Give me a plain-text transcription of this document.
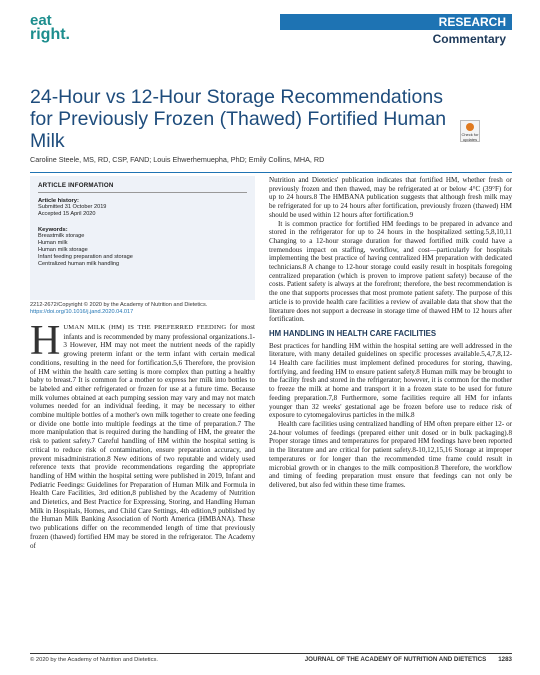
eat
right.
RESEARCH
Commentary
24-Hour vs 12-Hour Storage Recommendations for Previously Frozen (Thawed) Fortified Human Milk	Check for updates
Caroline Steele, MS, RD, CSP, FAND; Louis Ehwerhemuepha, PhD; Emily Collins, MHA, RD
ARTICLE INFORMATION
Article history:
Submitted 31 October 2019
Accepted 15 April 2020
Keywords:
Breastmilk storage
Human milk
Human milk storage
Infant feeding preparation and storage
Centralized human milk handling
2212-2672/Copyright © 2020 by the Academy of Nutrition and Dietetics.
https://doi.org/10.1016/j.jand.2020.04.017
H UMAN MILK (HM) IS THE PREFERRED FEEDING for most infants and is recommended by many professional organizations.1-3 However, HM may not meet the nutrient needs of the rapidly growing preterm infant or the term infant with certain medical conditions, resulting in the need for fortification.5,6 Therefore, the provision of HM within the health care setting is more complex than putting a healthy baby to breast.7 It is common for a mother to express her milk into bottles to be labeled and either refrigerated or frozen for use at a future time. Because milk volumes obtained at each pumping session may vary and may not match volumes needed for an individual feeding, it may be necessary to either combine multiple bottles of a mother's own milk together to create one feeding or divide one bottle into multiple feedings at the time of preparation.7 The more manipulation that is required during the handling of HM, the greater the risk to patient safety.7 Careful handling of HM within the hospital setting is critical to reduce risk of contamination, ensure preparation accuracy, and prevent misadministration.8 New editions of two reputable and widely used reference texts that provide recommendations regarding the appropriate handling of HM within the hospital setting were published in 2019, Infant and Pediatric Feedings: Guidelines for Preparation of Human Milk and Formula in Health Care Facilities, 3rd edition,8 published by the Academy of Nutrition and Dietetics, and Best Practice for Expressing, Storing, and Handling Human Milk in Hospitals, Homes, and Child Care Settings, 4th edition,9 published by the Human Milk Banking Association of North America (HMBANA). These two publications differ on the recommended length of time that previously frozen (thawed) fortified HM may be stored in the refrigerator. The Academy of

Nutrition and Dietetics' publication indicates that fortified HM, whether fresh or previously frozen and then thawed, may be refrigerated at or below 4°C (39°F) for up to 24 hours.8 The HMBANA publication suggests that although fresh milk may be refrigerated for up to 24 hours after fortification, previously frozen (thawed) HM should be used within 12 hours after fortification.9

It is common practice for fortified HM feedings to be prepared in advance and stored in the refrigerator for up to 24 hours in the hospitalized setting.5,8,10,11 Changing to a 12-hour storage duration for thawed fortified milk could have a tremendous impact on staffing, workflow, and cost—particularly for hospitals implementing the best practice of having centralized HM preparation with dedicated technicians.8 A change to 12-hour storage could easily result in hospitals foregoing centralized preparation (which is proven to improve patient safety) because of the costs. Patient safety is always at the forefront; therefore, the best recommendation is the one that supports processes that most promote patient safety. The purpose of this article is to provide health care facilities a review of available data that show that the literature does not support a decrease in storage time of thawed HM to 12 hours after fortification.

HM HANDLING IN HEALTH CARE FACILITIES

Best practices for handling HM within the hospital setting are well addressed in the literature, with many detailed guidelines on specific processes available.5,4,7,8,12-14 Health care facilities must implement defined procedures for storing, thawing, fortifying, and feeding HM to ensure patient safety.8 Human milk may be brought to the facility fresh and stored in the refrigerator; however, it is common for the mother to freeze the milk at home and transport it in a frozen state to be used for future feeding preparation.7,8 Furthermore, some facilities require all HM for infants younger than 32 weeks' gestational age be frozen before use to reduce risk of exposure to cytomegalovirus particles in the milk.8

Health care facilities using centralized handling of HM often prepare either 12- or 24-hour volumes of feedings (prepared either unit dosed or in bulk packaging).8 Proper storage times and temperatures for prepared HM feedings have been reported in the literature and are critical for patient safety.8-10,12,15,16 Storage at improper temperatures or for longer than the recommended time frame could result in microbial growth or in changes to the milk composition.8 Therefore, the workflow and timing of feeding preparation must ensure that feedings can not only be delivered, but also fed within these time frames.

© 2020 by the Academy of Nutrition and Dietetics.	JOURNAL OF THE ACADEMY OF NUTRITION AND DIETETICS 1283
